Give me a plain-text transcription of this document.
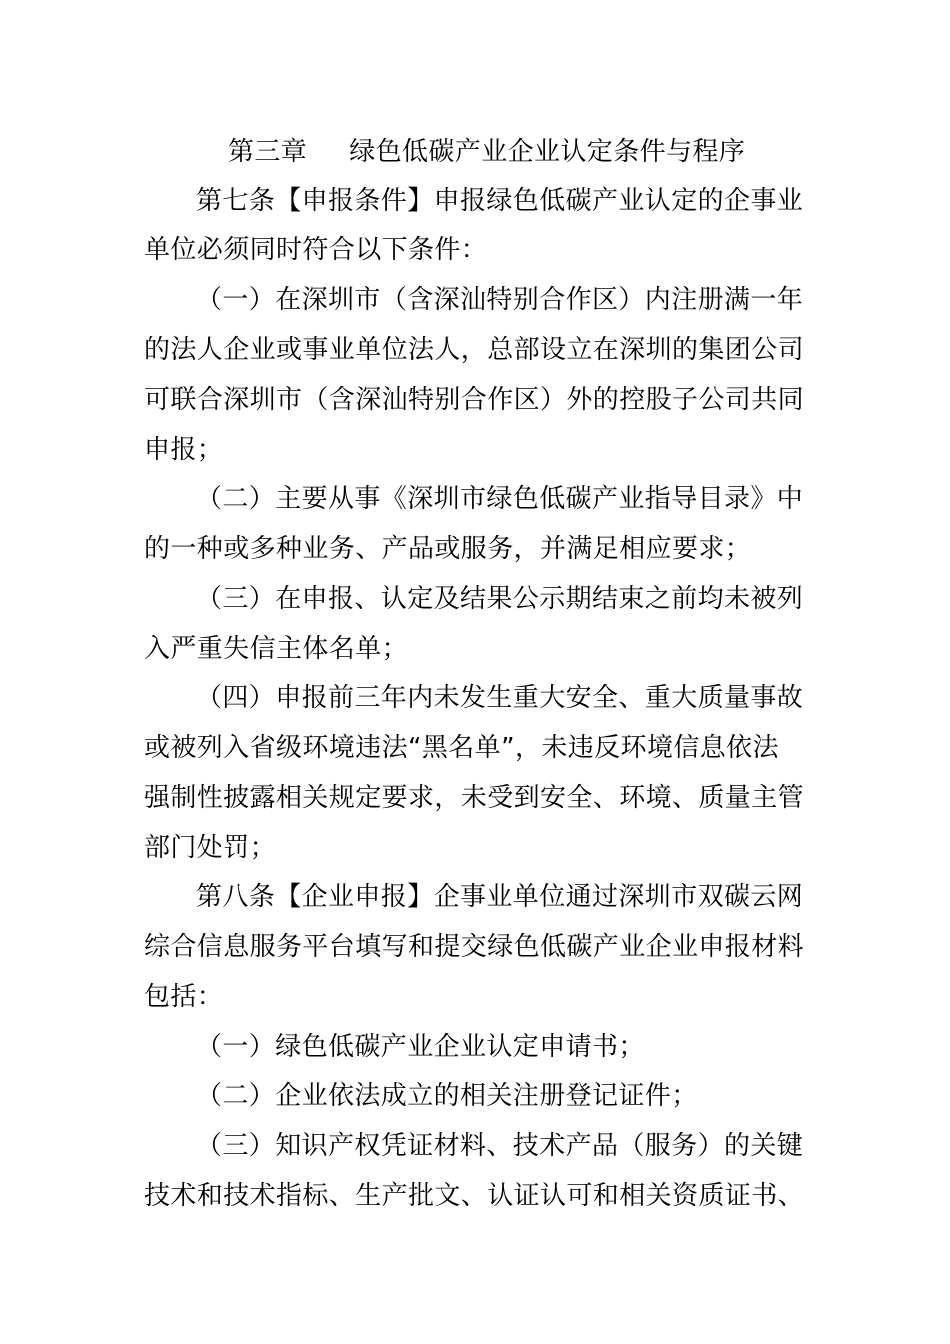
第三章 绿色低碳产业企业认定条件与程序
第七条【申报条件】申报绿色低碳产业认定的企事业
单位必须同时符合以下条件：
（一）在深圳市（含深汕特别合作区）内注册满一年
的法人企业或事业单位法人，总部设立在深圳的集团公司
可联合深圳市（含深汕特别合作区）外的控股子公司共同
申报；
（二）主要从事《深圳市绿色低碳产业指导目录》中
的一种或多种业务、产品或服务，并满足相应要求；
（三）在申报、认定及结果公示期结束之前均未被列
入严重失信主体名单；
（四）申报前三年内未发生重大安全、重大质量事故
或被列入省级环境违法“黑名单”，未违反环境信息依法
强制性披露相关规定要求，未受到安全、环境、质量主管
部门处罚；
第八条【企业申报】企事业单位通过深圳市双碳云网
综合信息服务平台填写和提交绿色低碳产业企业申报材料
包括：
（一）绿色低碳产业企业认定申请书；
（二）企业依法成立的相关注册登记证件；
（三）知识产权凭证材料、技术产品（服务）的关键
技术和技术指标、生产批文、认证认可和相关资质证书、
